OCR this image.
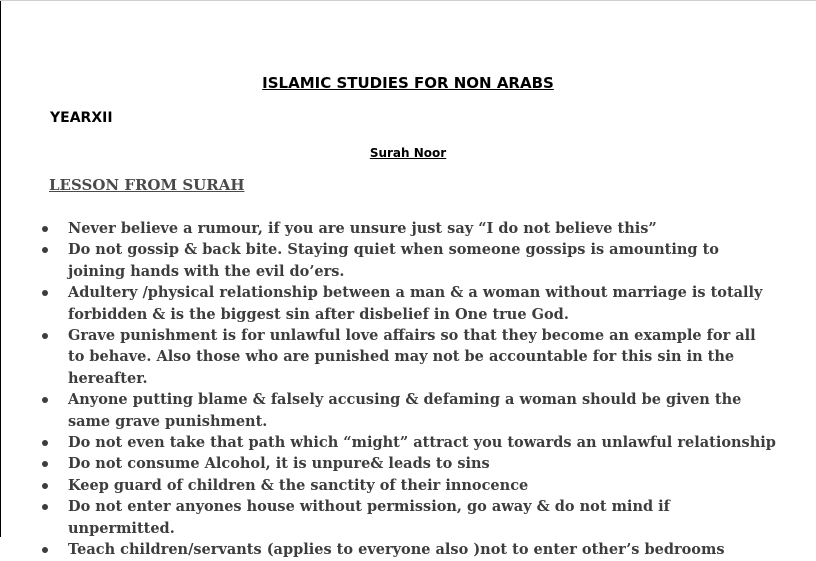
ISLAMIC STUDIES FOR NON ARABS
YEARXII
Surah Noor
LESSON FROM SURAH
Never believe a rumour, if you are unsure just say “I do not believe this”
Do not gossip & back bite. Staying quiet when someone gossips is amounting to joining hands with the evil do’ers.
Adultery /physical relationship between a man & a woman without marriage is totally forbidden & is the biggest sin after disbelief in One true God.
Grave punishment is for unlawful love affairs so that they become an example for all to behave. Also those who are punished may not be accountable for this sin in the hereafter.
Anyone putting blame & falsely accusing & defaming a woman should be given the same grave punishment.
Do not even take that path which “might” attract you towards an unlawful relationship
Do not consume Alcohol, it is unpure& leads to sins
Keep guard of children & the sanctity of their innocence
Do not enter anyones house without permission, go away & do not mind if unpermitted.
Teach children/servants (applies to everyone also )not to enter other’s bedrooms
